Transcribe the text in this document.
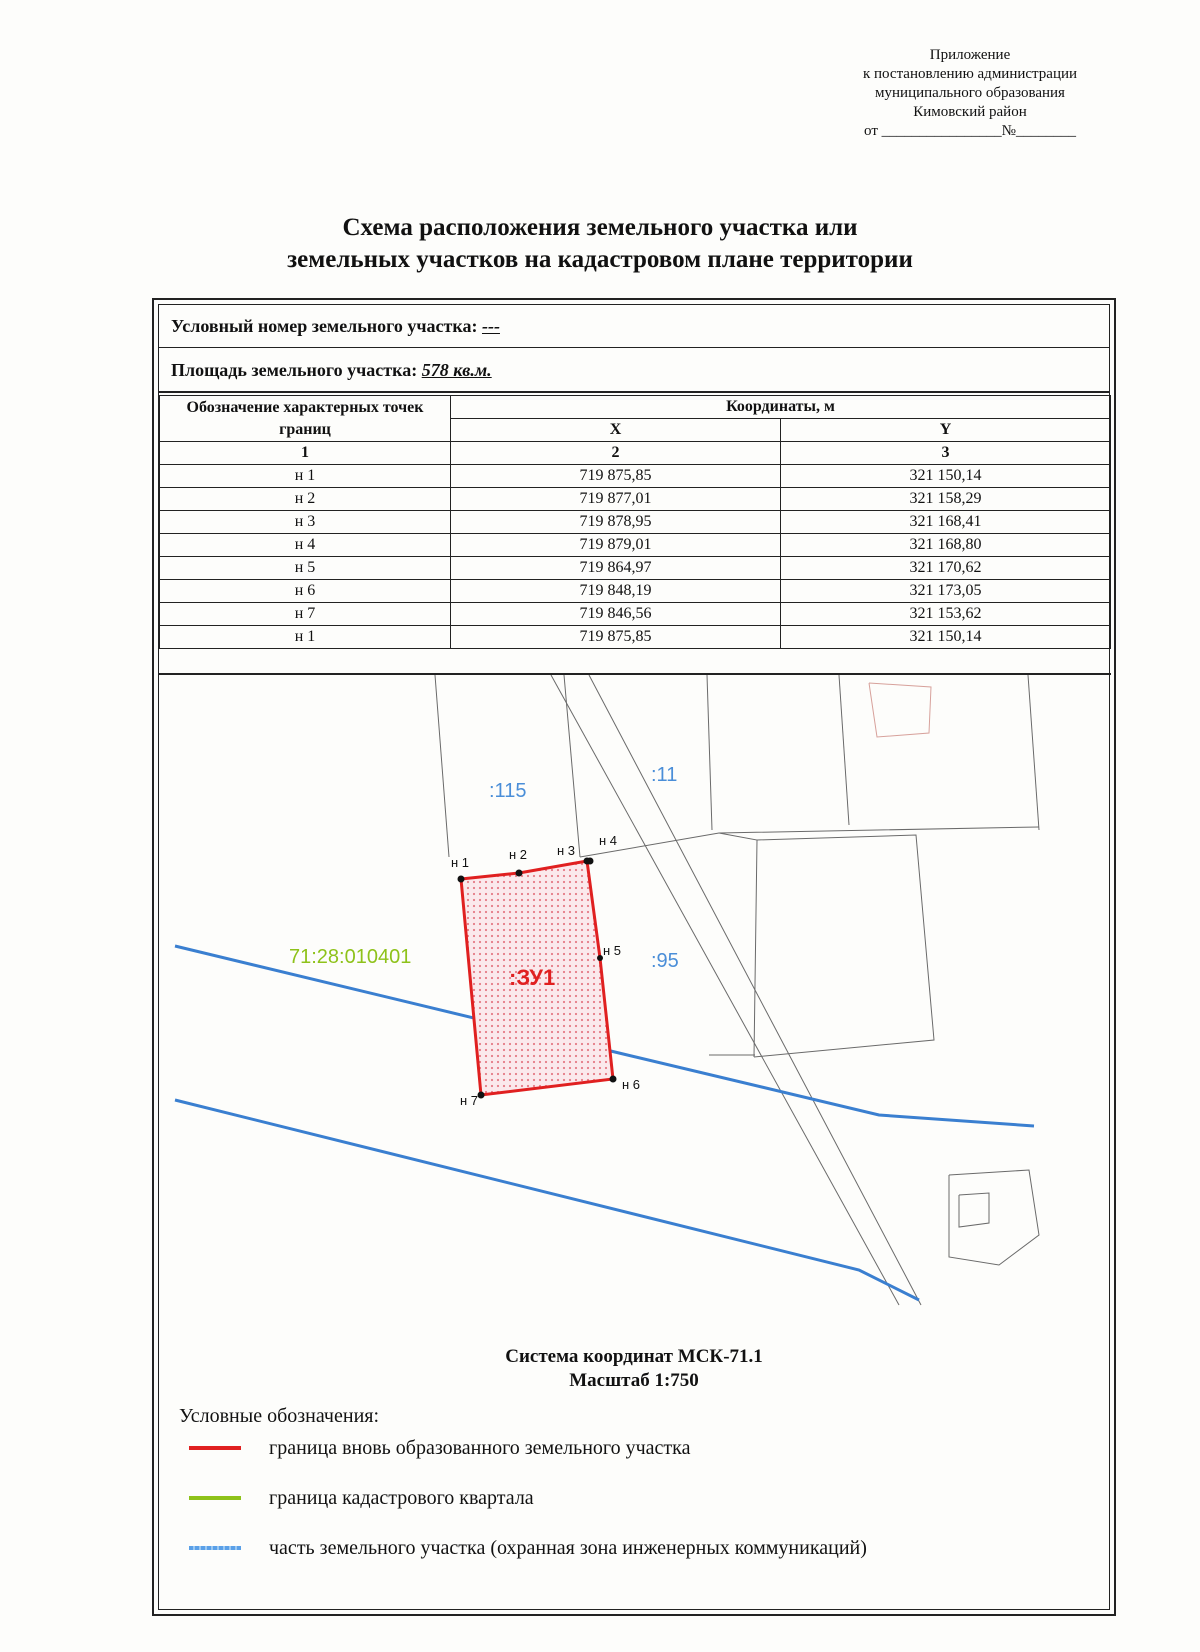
Приложение
к постановлению администрации
муниципального образования
Кимовский район
от ________________№________
Схема расположения земельного участка или
земельных участков на кадастровом плане территории
Условный номер земельного участка: ---
Площадь земельного участка: 578 кв.м.
Обозначение характерных точек границ	Координаты, м	
	X	Y
1	2	3
н 1	719 875,85	321 150,14
н 2	719 877,01	321 158,29
н 3	719 878,95	321 168,41
н 4	719 879,01	321 168,80
н 5	719 864,97	321 170,62
н 6	719 848,19	321 173,05
н 7	719 846,56	321 153,62
н 1	719 875,85	321 150,14
н 1
н 2 н 3
н 4
н 5
н 6
н 7
:115
:11
:95
71:28:010401
:ЗУ1
Система координат МСК-71.1
Масштаб 1:750
Условные обозначения:
граница вновь образованного земельного участка
граница кадастрового квартала
часть земельного участка (охранная зона инженерных коммуникаций)
